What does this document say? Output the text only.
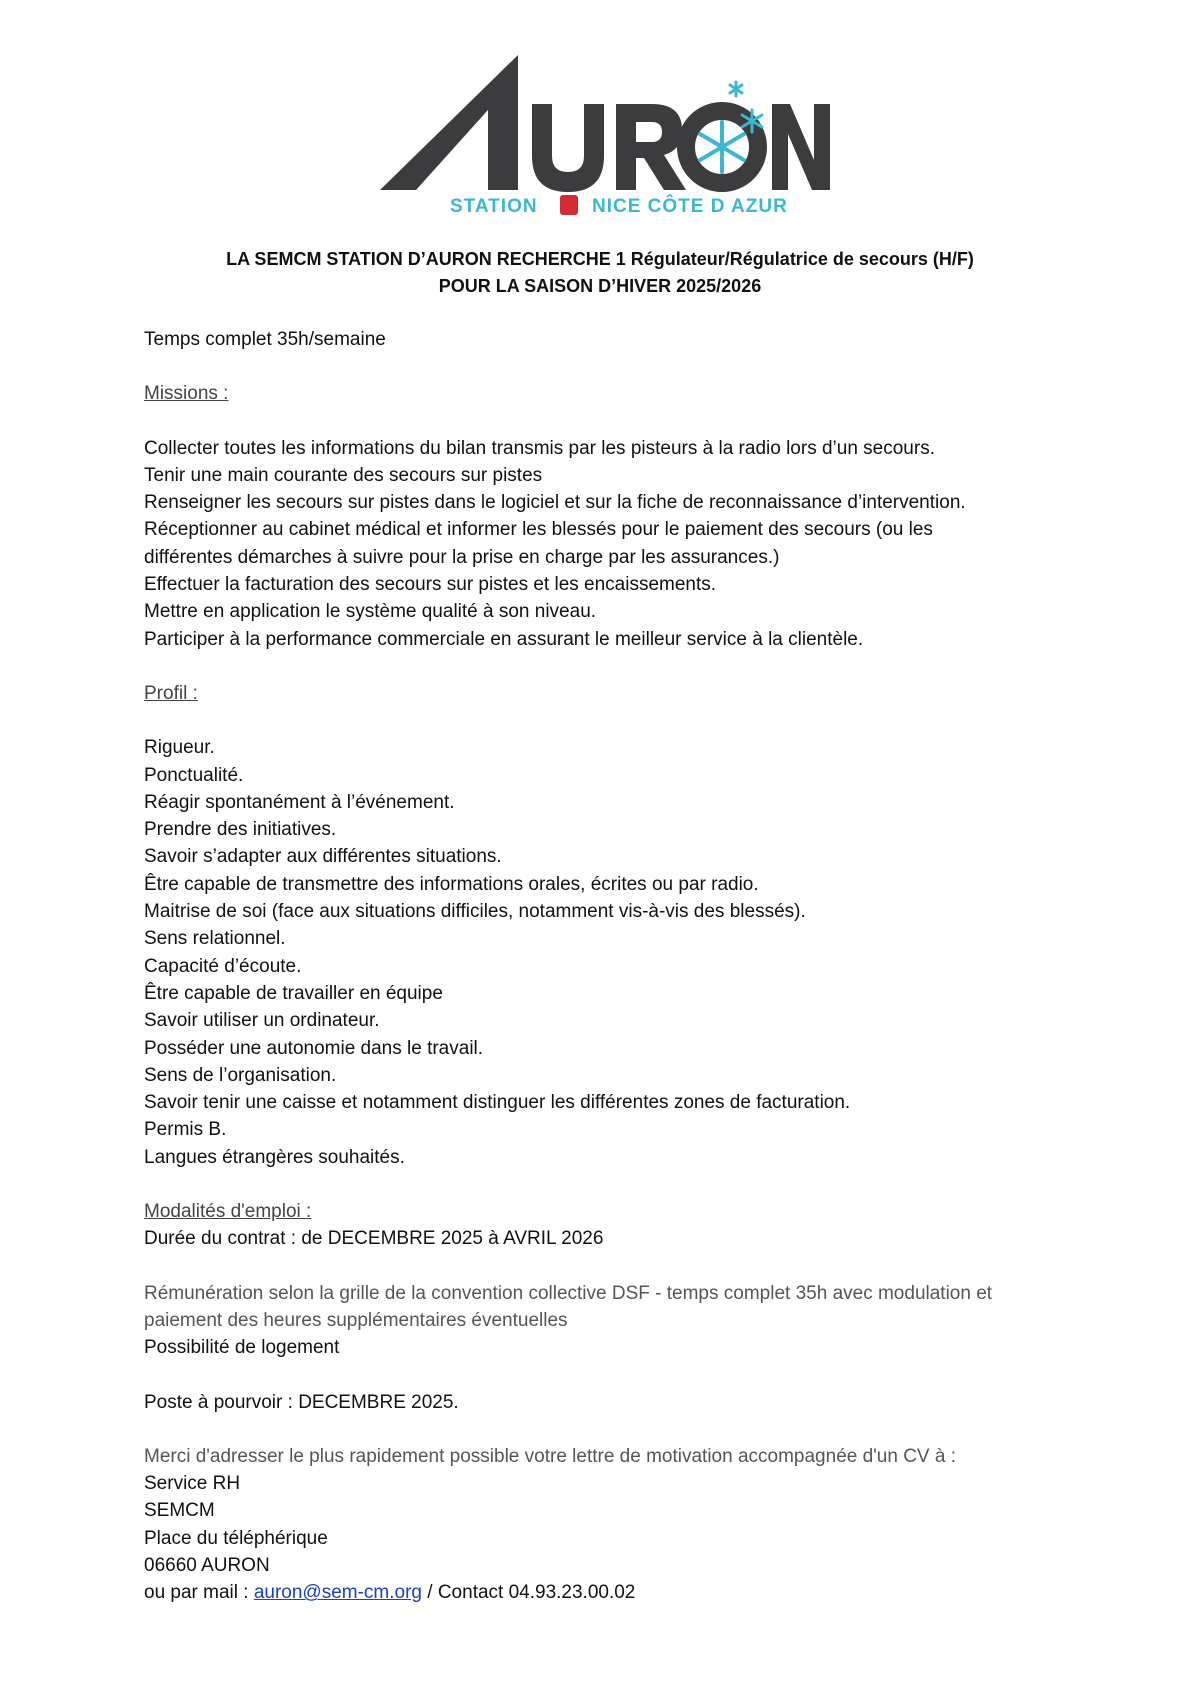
STATION	NICE CÔTE D AZUR
LA SEMCM STATION D’AURON RECHERCHE 1 Régulateur/Régulatrice de secours (H/F)
POUR LA SAISON D’HIVER 2025/2026

Temps complet 35h/semaine

Missions :

Collecter toutes les informations du bilan transmis par les pisteurs à la radio lors d’un secours.
Tenir une main courante des secours sur pistes
Renseigner les secours sur pistes dans le logiciel et sur la fiche de reconnaissance d’intervention.
Réceptionner au cabinet médical et informer les blessés pour le paiement des secours (ou les
différentes démarches à suivre pour la prise en charge par les assurances.)
Effectuer la facturation des secours sur pistes et les encaissements.
Mettre en application le système qualité à son niveau.
Participer à la performance commerciale en assurant le meilleur service à la clientèle.

Profil :

Rigueur.
Ponctualité.
Réagir spontanément à l’événement.
Prendre des initiatives.
Savoir s’adapter aux différentes situations.
Être capable de transmettre des informations orales, écrites ou par radio.
Maitrise de soi (face aux situations difficiles, notamment vis-à-vis des blessés).
Sens relationnel.
Capacité d’écoute.
Être capable de travailler en équipe
Savoir utiliser un ordinateur.
Posséder une autonomie dans le travail.
Sens de l’organisation.
Savoir tenir une caisse et notamment distinguer les différentes zones de facturation.
Permis B.
Langues étrangères souhaités.

Modalités d'emploi :

Durée du contrat : de DECEMBRE 2025 à AVRIL 2026

Rémunération selon la grille de la convention collective DSF - temps complet 35h avec modulation et

paiement des heures supplémentaires éventuelles

Possibilité de logement

Poste à pourvoir : DECEMBRE 2025.

Merci d'adresser le plus rapidement possible votre lettre de motivation accompagnée d'un CV à :

Service RH

SEMCM

Place du téléphérique

06660 AURON

ou par mail : auron@sem-cm.org / Contact 04.93.23.00.02
